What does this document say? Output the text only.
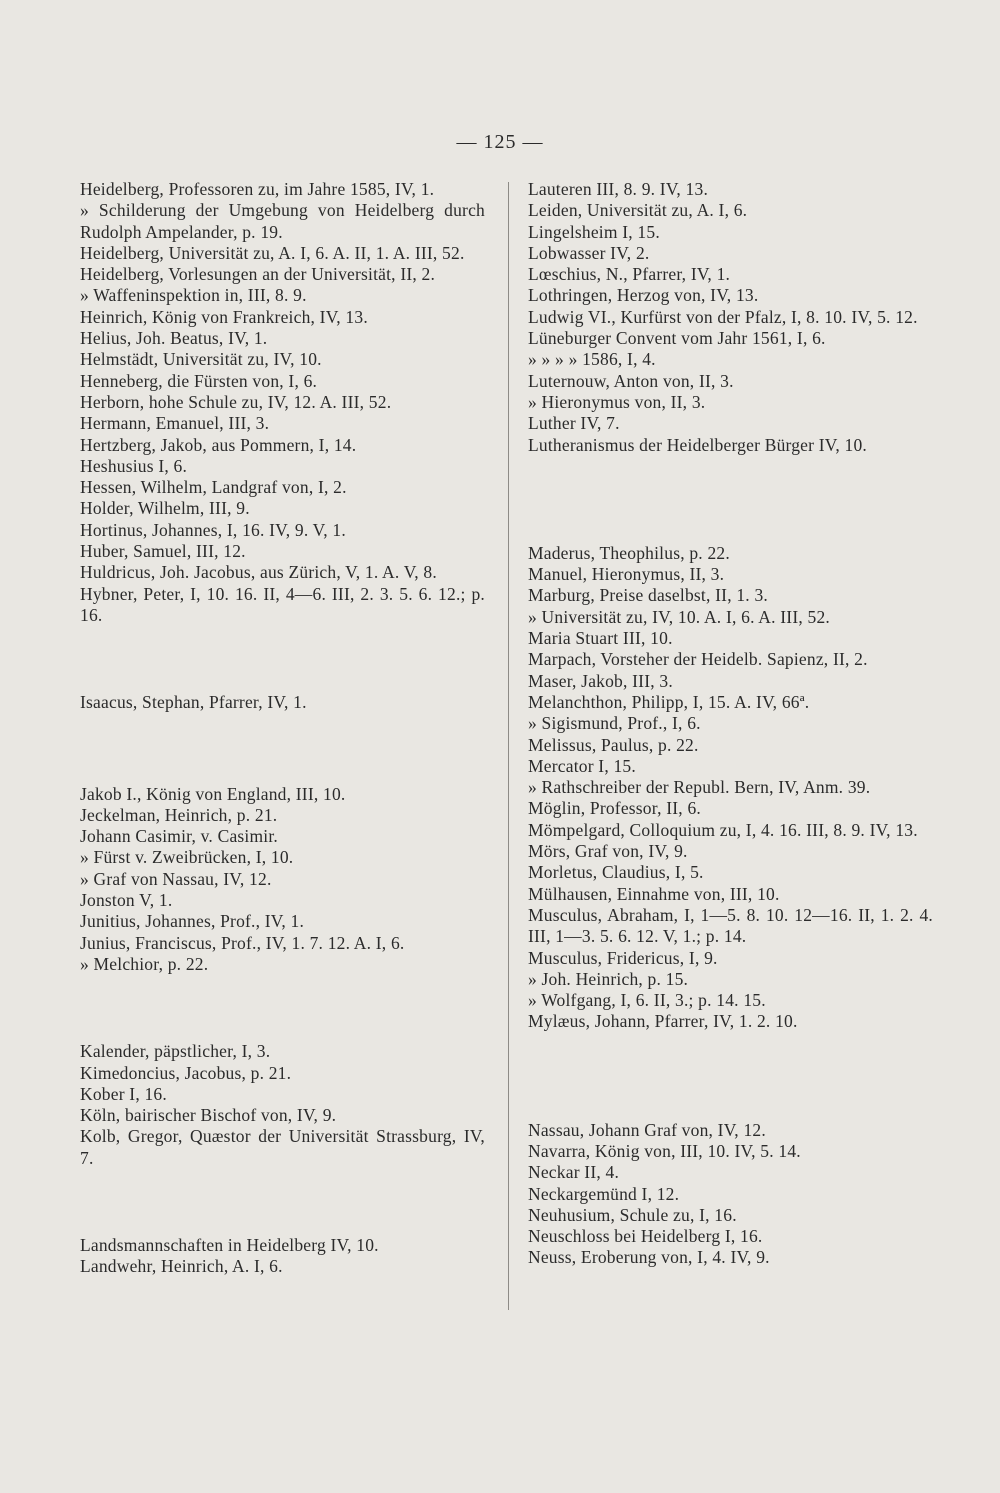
— 125 —
Heidelberg, Professoren zu, im Jahre 1585, IV, 1.
» Schilderung der Umgebung von Heidelberg durch Rudolph Ampelander, p. 19.
Heidelberg, Universität zu, A. I, 6. A. II, 1. A. III, 52.
Heidelberg, Vorlesungen an der Universität, II, 2.
» Waffeninspektion in, III, 8. 9.
Heinrich, König von Frankreich, IV, 13.
Helius, Joh. Beatus, IV, 1.
Helmstädt, Universität zu, IV, 10.
Henneberg, die Fürsten von, I, 6.
Herborn, hohe Schule zu, IV, 12. A. III, 52.
Hermann, Emanuel, III, 3.
Hertzberg, Jakob, aus Pommern, I, 14.
Heshusius I, 6.
Hessen, Wilhelm, Landgraf von, I, 2.
Holder, Wilhelm, III, 9.
Hortinus, Johannes, I, 16. IV, 9. V, 1.
Huber, Samuel, III, 12.
Huldricus, Joh. Jacobus, aus Zürich, V, 1. A. V, 8.
Hybner, Peter, I, 10. 16. II, 4—6. III, 2. 3. 5. 6. 12.; p. 16.
Isaacus, Stephan, Pfarrer, IV, 1.
Jakob I., König von England, III, 10.
Jeckelman, Heinrich, p. 21.
Johann Casimir, v. Casimir.
» Fürst v. Zweibrücken, I, 10.
» Graf von Nassau, IV, 12.
Jonston V, 1.
Junitius, Johannes, Prof., IV, 1.
Junius, Franciscus, Prof., IV, 1. 7. 12. A. I, 6.
» Melchior, p. 22.
Kalender, päpstlicher, I, 3.
Kimedoncius, Jacobus, p. 21.
Kober I, 16.
Köln, bairischer Bischof von, IV, 9.
Kolb, Gregor, Quæstor der Universität Strassburg, IV, 7.
Landsmannschaften in Heidelberg IV, 10.
Landwehr, Heinrich, A. I, 6.
Lauteren III, 8. 9. IV, 13.
Leiden, Universität zu, A. I, 6.
Lingelsheim I, 15.
Lobwasser IV, 2.
Lœschius, N., Pfarrer, IV, 1.
Lothringen, Herzog von, IV, 13.
Ludwig VI., Kurfürst von der Pfalz, I, 8. 10. IV, 5. 12.
Lüneburger Convent vom Jahr 1561, I, 6.
» » » » 1586, I, 4.
Luternouw, Anton von, II, 3.
» Hieronymus von, II, 3.
Luther IV, 7.
Lutheranismus der Heidelberger Bürger IV, 10.
Maderus, Theophilus, p. 22.
Manuel, Hieronymus, II, 3.
Marburg, Preise daselbst, II, 1. 3.
» Universität zu, IV, 10. A. I, 6. A. III, 52.
Maria Stuart III, 10.
Marpach, Vorsteher der Heidelb. Sapienz, II, 2.
Maser, Jakob, III, 3.
Melanchthon, Philipp, I, 15. A. IV, 66ª.
» Sigismund, Prof., I, 6.
Melissus, Paulus, p. 22.
Mercator I, 15.
» Rathschreiber der Republ. Bern, IV, Anm. 39.
Möglin, Professor, II, 6.
Mömpelgard, Colloquium zu, I, 4. 16. III, 8. 9. IV, 13.
Mörs, Graf von, IV, 9.
Morletus, Claudius, I, 5.
Mülhausen, Einnahme von, III, 10.
Musculus, Abraham, I, 1—5. 8. 10. 12—16. II, 1. 2. 4. III, 1—3. 5. 6. 12. V, 1.; p. 14.
Musculus, Fridericus, I, 9.
» Joh. Heinrich, p. 15.
» Wolfgang, I, 6. II, 3.; p. 14. 15.
Mylæus, Johann, Pfarrer, IV, 1. 2. 10.
Nassau, Johann Graf von, IV, 12.
Navarra, König von, III, 10. IV, 5. 14.
Neckar II, 4.
Neckargemünd I, 12.
Neuhusium, Schule zu, I, 16.
Neuschloss bei Heidelberg I, 16.
Neuss, Eroberung von, I, 4. IV, 9.
